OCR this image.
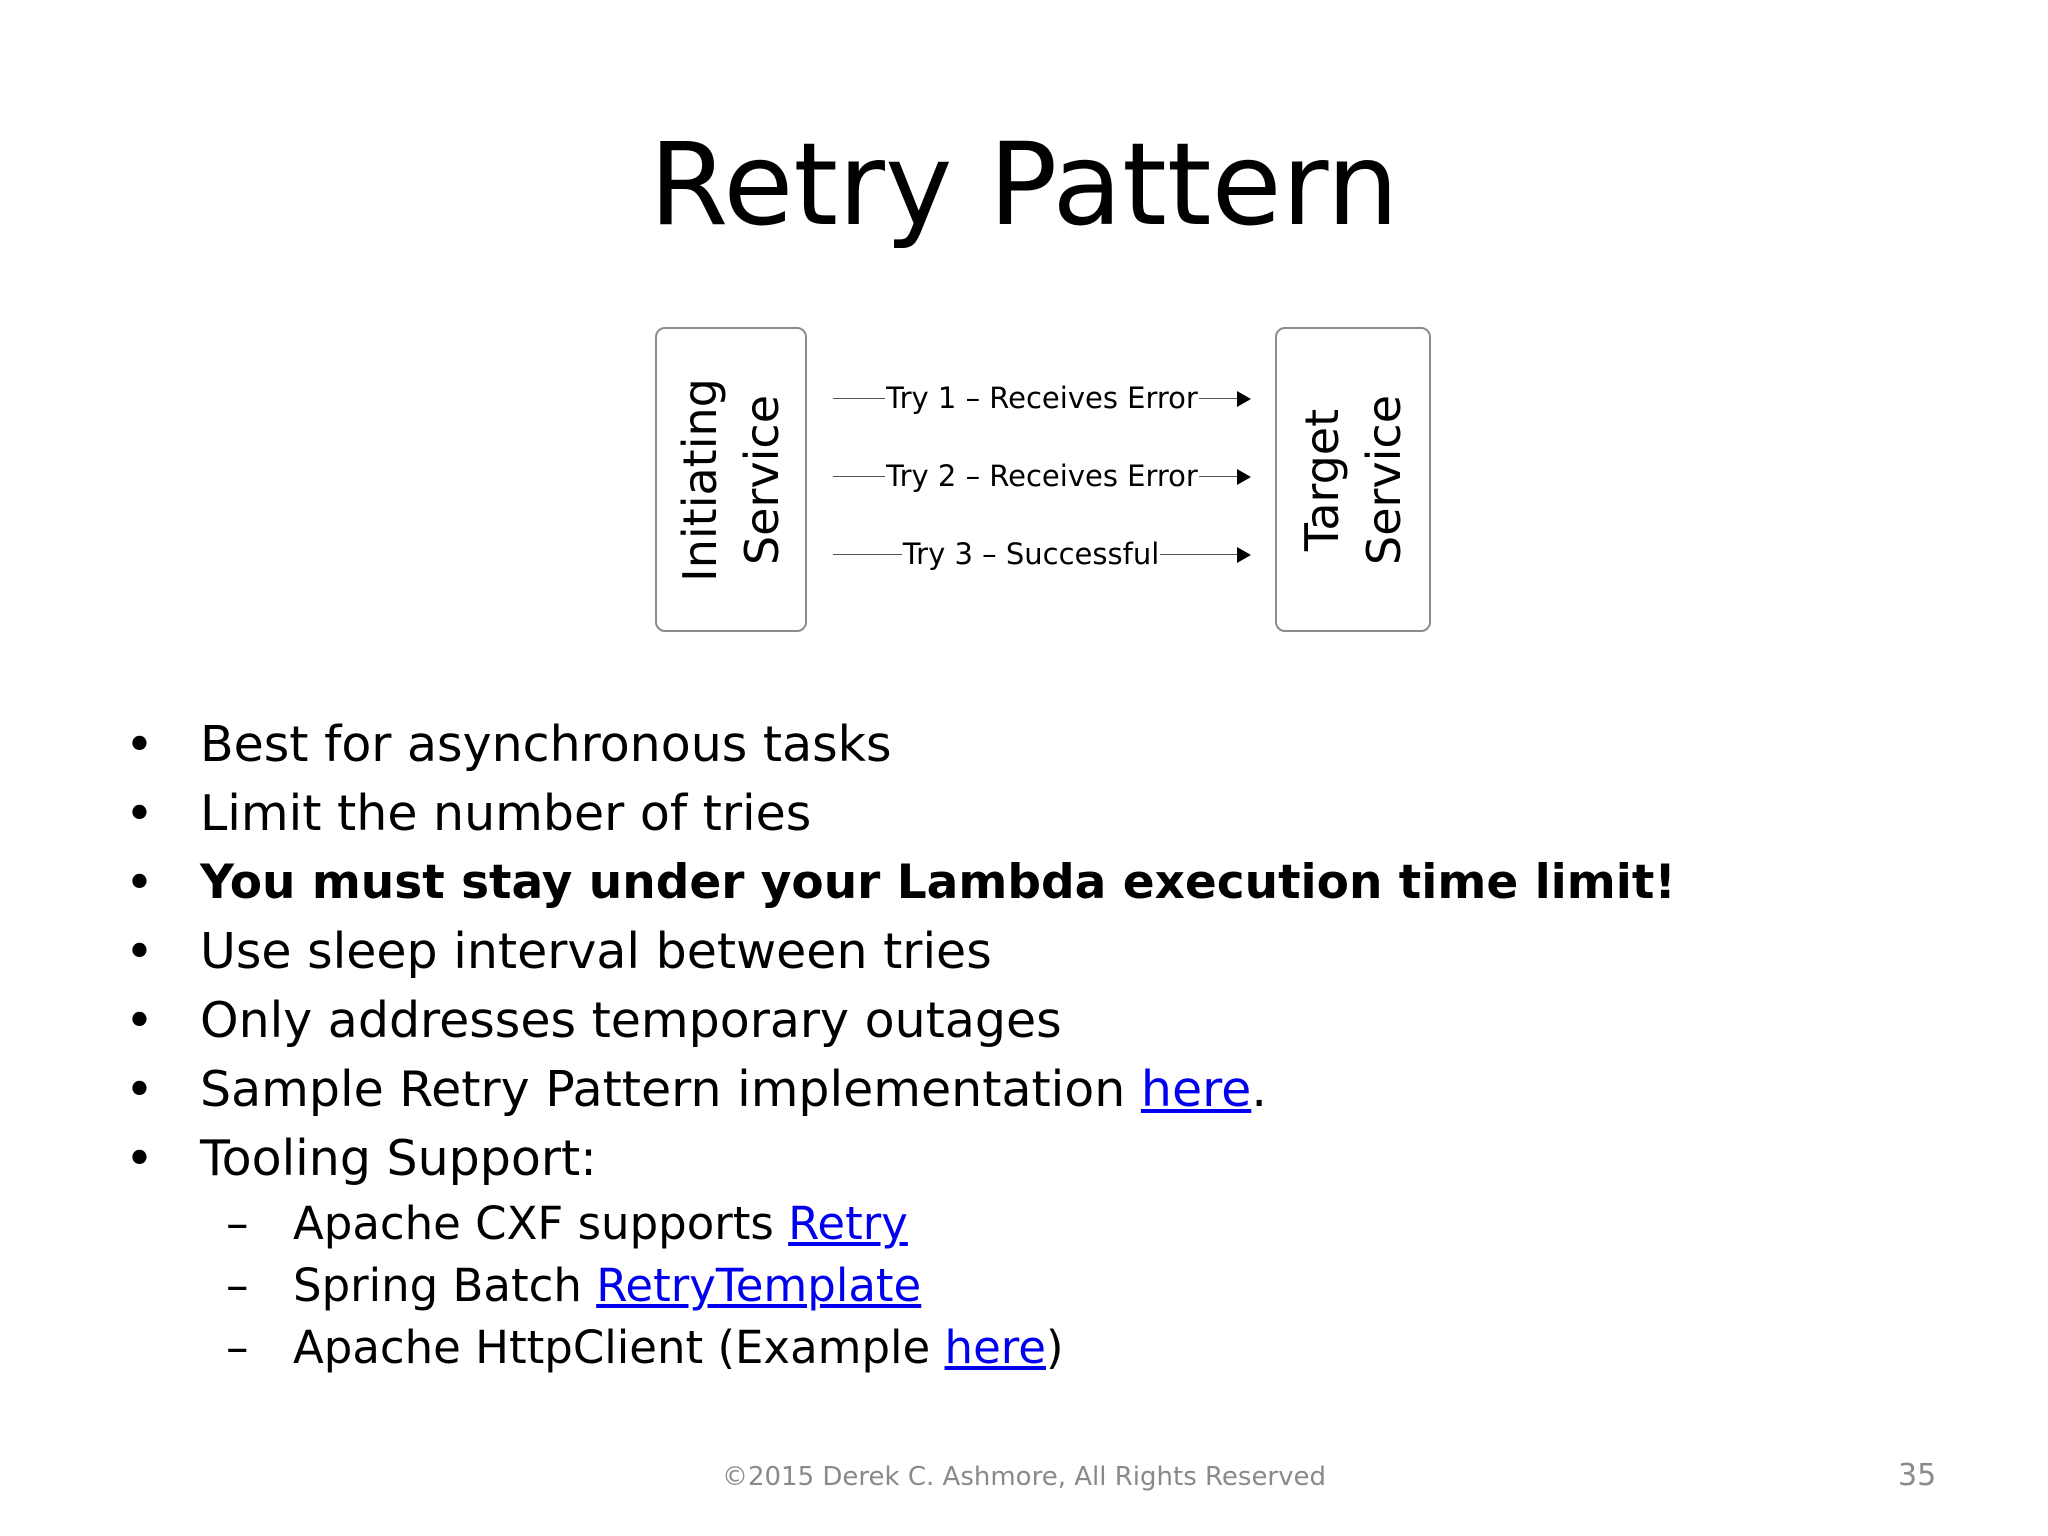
Retry Pattern
Initiating Service	Try 1 – Receives Error
Try 2 – Receives Error
Try 3 – Successful
Target Service
• Best for asynchronous tasks
• Limit the number of tries
• You must stay under your Lambda execution time limit!
• Use sleep interval between tries
• Only addresses temporary outages
• Sample Retry Pattern implementation here.
• Tooling Support:
– Apache CXF supports Retry
– Spring Batch RetryTemplate
– Apache HttpClient (Example here)
©2015 Derek C. Ashmore, All Rights Reserved	35
